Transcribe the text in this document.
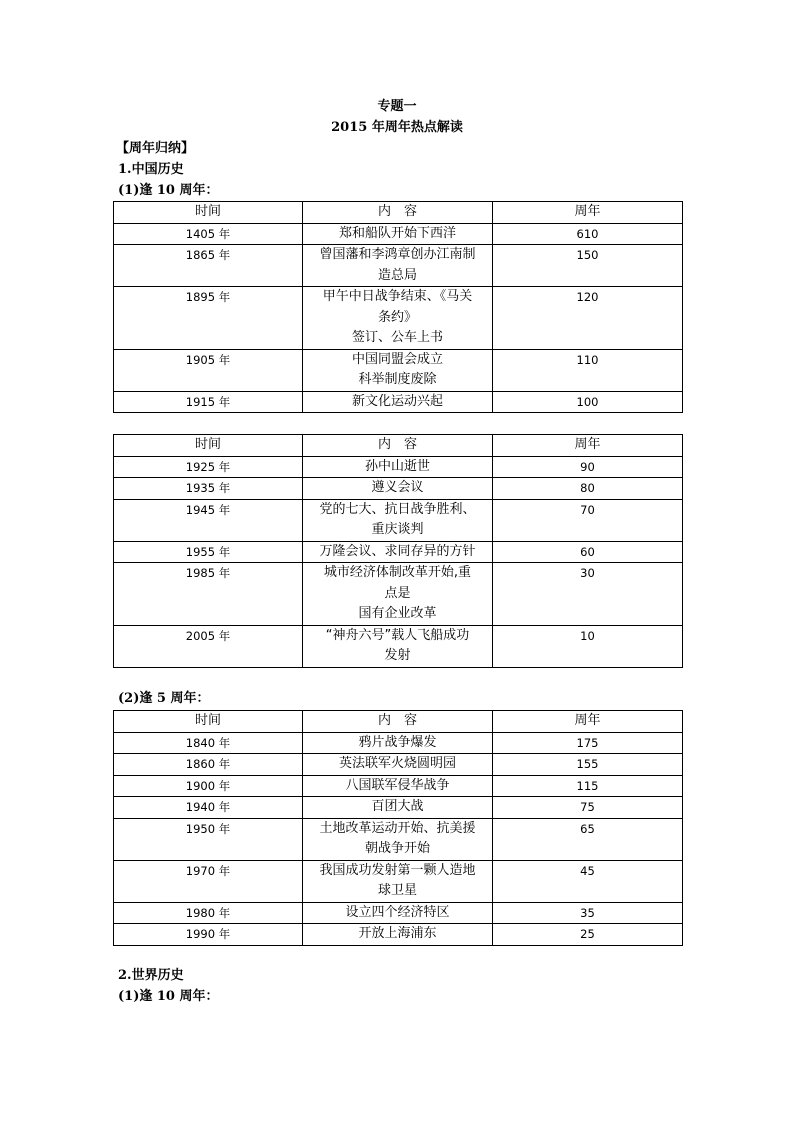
专题一
2015 年周年热点解读
【周年归纳】
1.中国历史
(1)逢 10 周年：
时间	内　容	周年
1405 年	郑和船队开始下西洋	610
1865 年	曾国藩和李鸿章创办江南制
造总局	150
1895 年	甲午中日战争结束、《马关
条约》
签订、公车上书	120
1905 年	中国同盟会成立
科举制度废除	110
1915 年	新文化运动兴起	100
时间	内　容	周年
1925 年	孙中山逝世	90
1935 年	遵义会议	80
1945 年	党的七大、抗日战争胜利、
重庆谈判	70
1955 年	万隆会议、求同存异的方针	60
1985 年	城市经济体制改革开始,重
点是
国有企业改革	30
2005 年	“神舟六号”载人飞船成功
发射	10
(2)逢 5 周年：
时间	内　容	周年
1840 年	鸦片战争爆发	175
1860 年	英法联军火烧圆明园	155
1900 年	八国联军侵华战争	115
1940 年	百团大战	75
1950 年	土地改革运动开始、抗美援
朝战争开始	65
1970 年	我国成功发射第一颗人造地
球卫星	45
1980 年	设立四个经济特区	35
1990 年	开放上海浦东	25
2.世界历史
(1)逢 10 周年：
